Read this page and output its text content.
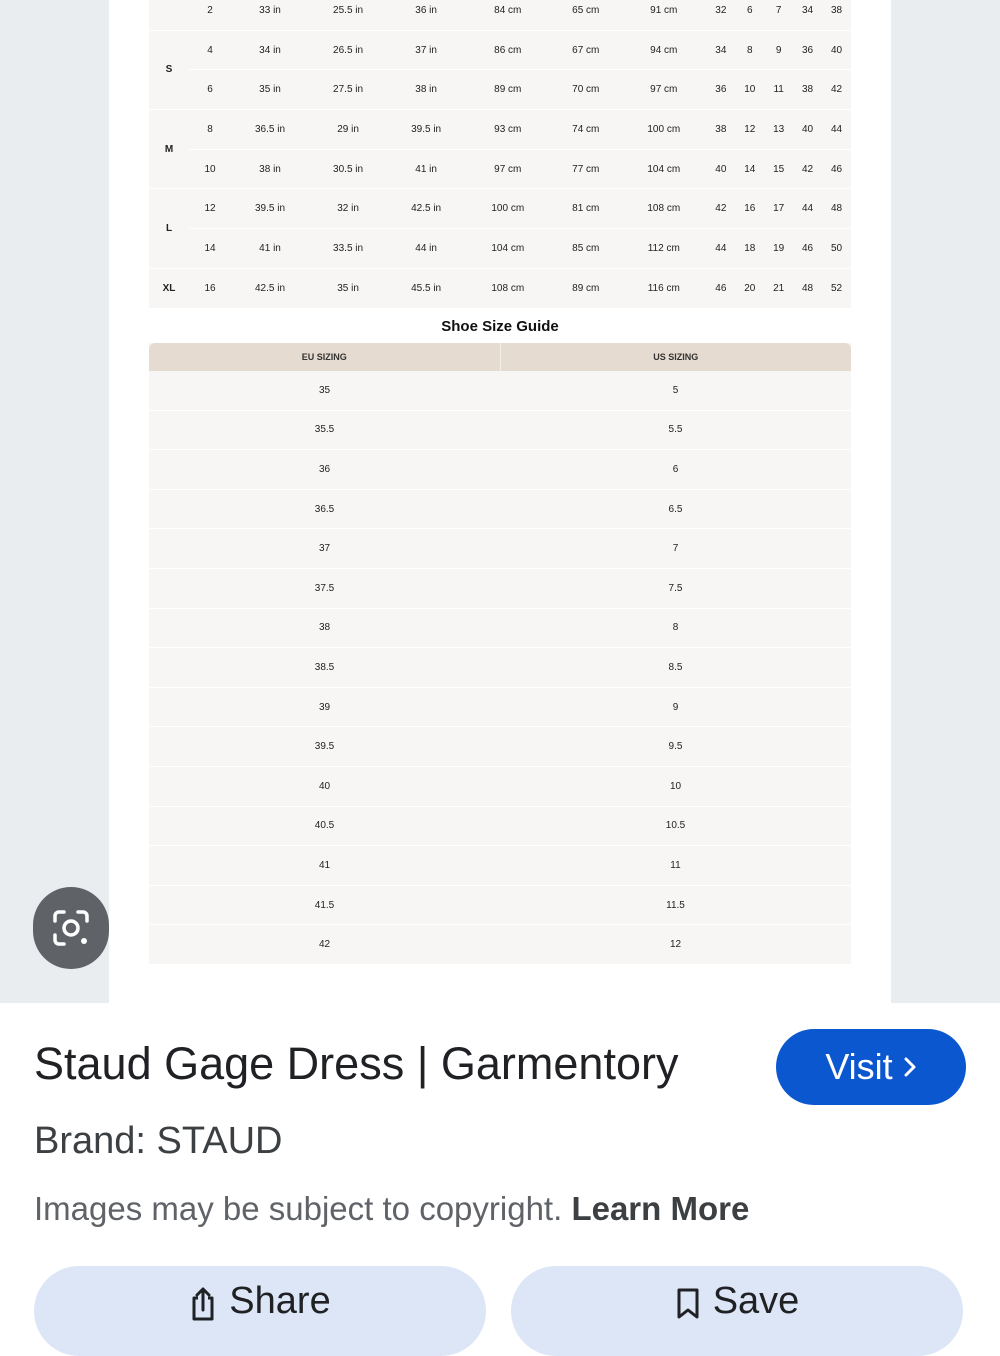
	2	33 in	25.5 in	36 in	84 cm	65 cm	91 cm	32	6	7	34	38
S	4	34 in	26.5 in	37 in	86 cm	67 cm	94 cm	34	8	9	36	40
	6	35 in	27.5 in	38 in	89 cm	70 cm	97 cm	36	10	11	38	42
M	8	36.5 in	29 in	39.5 in	93 cm	74 cm	100 cm	38	12	13	40	44
	10	38 in	30.5 in	41 in	97 cm	77 cm	104 cm	40	14	15	42	46
L	12	39.5 in	32 in	42.5 in	100 cm	81 cm	108 cm	42	16	17	44	48
	14	41 in	33.5 in	44 in	104 cm	85 cm	112 cm	44	18	19	46	50
XL	16	42.5 in	35 in	45.5 in	108 cm	89 cm	116 cm	46	20	21	48	52
Shoe Size Guide
EU SIZING	US SIZING
35	5
35.5	5.5
36	6
36.5	6.5
37	7
37.5	7.5
38	8
38.5	8.5
39	9
39.5	9.5
40	10
40.5	10.5
41	11
41.5	11.5
42	12
Staud Gage Dress | Garmentory	Visit
Brand: STAUD
Images may be subject to copyright. Learn More
Share	Save
